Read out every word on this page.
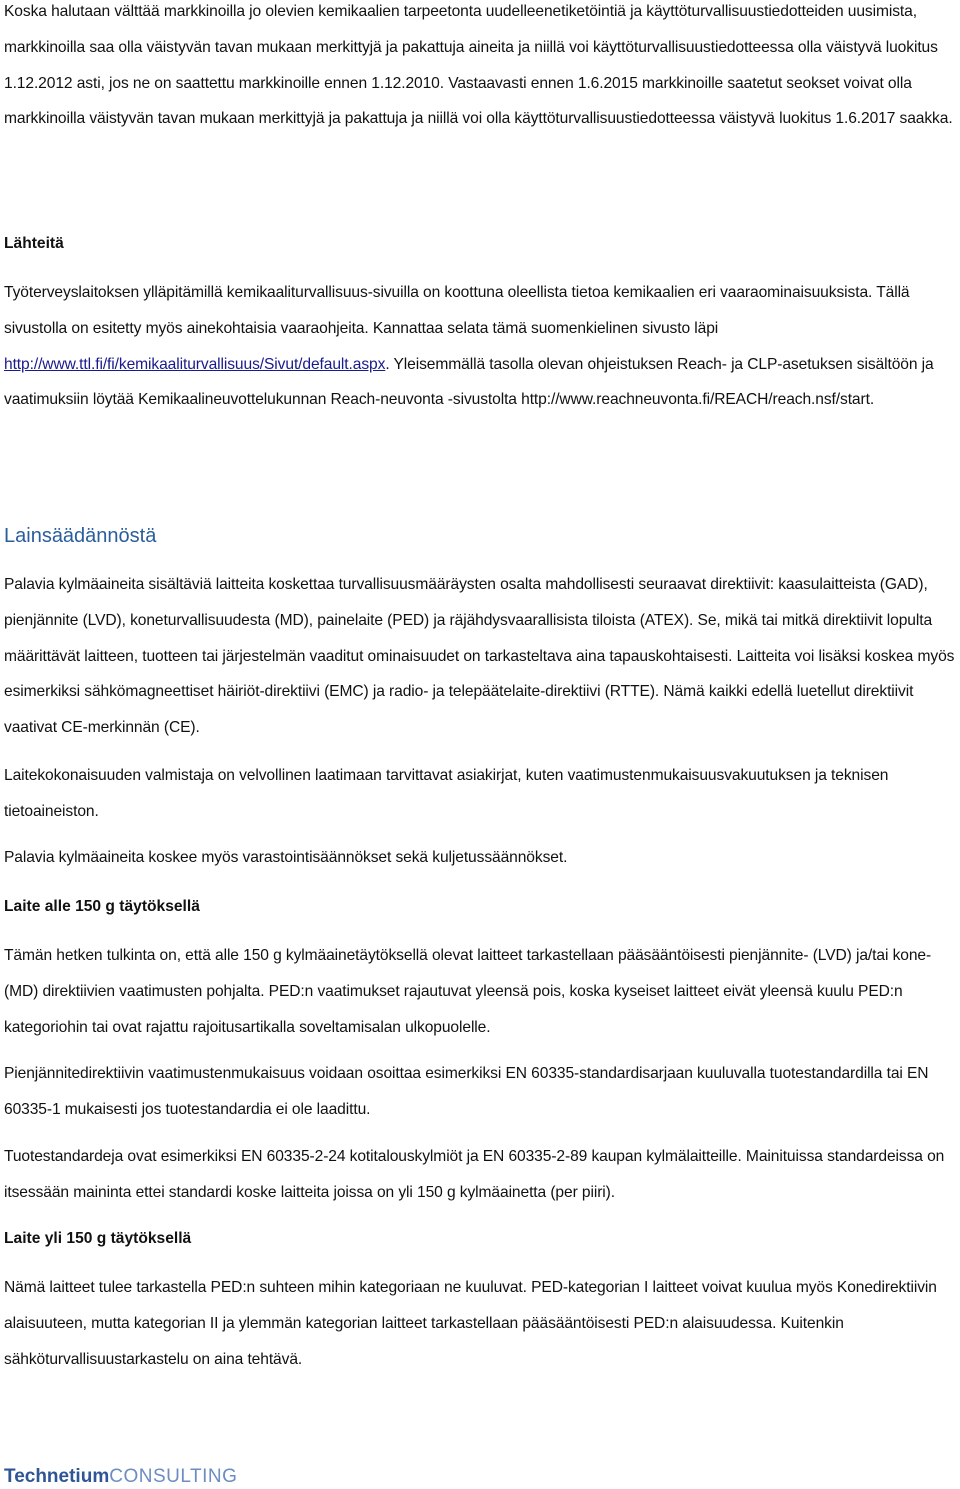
Koska halutaan välttää markkinoilla jo olevien kemikaalien tarpeetonta uudelleenetiketöintiä ja käyttöturvallisuustiedotteiden uusimista, markkinoilla saa olla väistyvän tavan mukaan merkittyjä ja pakattuja aineita ja niillä voi käyttöturvallisuustiedotteessa olla väistyvä luokitus 1.12.2012 asti, jos ne on saattettu markkinoille ennen 1.12.2010. Vastaavasti ennen 1.6.2015 markkinoille saatetut seokset voivat olla markkinoilla väistyvän tavan mukaan merkittyjä ja pakattuja ja niillä voi olla käyttöturvallisuustiedotteessa väistyvä luokitus 1.6.2017 saakka.

Lähteitä

Työterveyslaitoksen ylläpitämillä kemikaaliturvallisuus-sivuilla on koottuna oleellista tietoa kemikaalien eri vaaraominaisuuksista. Tällä sivustolla on esitetty myös ainekohtaisia vaaraohjeita. Kannattaa selata tämä suomenkielinen sivusto läpi http://www.ttl.fi/fi/kemikaaliturvallisuus/Sivut/default.aspx. Yleisemmällä tasolla olevan ohjeistuksen Reach- ja CLP-asetuksen sisältöön ja vaatimuksiin löytää Kemikaalineuvottelukunnan Reach-neuvonta -sivustolta http://www.reachneuvonta.fi/REACH/reach.nsf/start.

Lainsäädännöstä

Palavia kylmäaineita sisältäviä laitteita koskettaa turvallisuusmääräysten osalta mahdollisesti seuraavat direktiivit: kaasulaitteista (GAD), pienjännite (LVD), koneturvallisuudesta (MD), painelaite (PED) ja räjähdysvaarallisista tiloista (ATEX). Se, mikä tai mitkä direktiivit lopulta määrittävät laitteen, tuotteen tai järjestelmän vaaditut ominaisuudet on tarkasteltava aina tapauskohtaisesti. Laitteita voi lisäksi koskea myös esimerkiksi sähkömagneettiset häiriöt-direktiivi (EMC) ja radio- ja telepäätelaite-direktiivi (RTTE). Nämä kaikki edellä luetellut direktiivit vaativat CE-merkinnän (CE).

Laitekokonaisuuden valmistaja on velvollinen laatimaan tarvittavat asiakirjat, kuten vaatimustenmukaisuusvakuutuksen ja teknisen tietoaineiston.

Palavia kylmäaineita koskee myös varastointisäännökset sekä kuljetussäännökset.

Laite alle 150 g täytöksellä

Tämän hetken tulkinta on, että alle 150 g kylmäainetäytöksellä olevat laitteet tarkastellaan pääsääntöisesti pienjännite- (LVD) ja/tai kone- (MD) direktiivien vaatimusten pohjalta. PED:n vaatimukset rajautuvat yleensä pois, koska kyseiset laitteet eivät yleensä kuulu PED:n kategoriohin tai ovat rajattu rajoitusartikalla soveltamisalan ulkopuolelle.

Pienjännitedirektiivin vaatimustenmukaisuus voidaan osoittaa esimerkiksi EN 60335-standardisarjaan kuuluvalla tuotestandardilla tai EN 60335-1 mukaisesti jos tuotestandardia ei ole laadittu.

Tuotestandardeja ovat esimerkiksi EN 60335-2-24 kotitalouskylmiöt ja EN 60335-2-89 kaupan kylmälaitteille. Mainituissa standardeissa on itsessään maininta ettei standardi koske laitteita joissa on yli 150 g kylmäainetta (per piiri).

Laite yli 150 g täytöksellä

Nämä laitteet tulee tarkastella PED:n suhteen mihin kategoriaan ne kuuluvat. PED-kategorian I laitteet voivat kuulua myös Konedirektiivin alaisuuteen, mutta kategorian II ja ylemmän kategorian laitteet tarkastellaan pääsääntöisesti PED:n alaisuudessa. Kuitenkin sähköturvallisuustarkastelu on aina tehtävä.

TechnetiumCONSULTING
